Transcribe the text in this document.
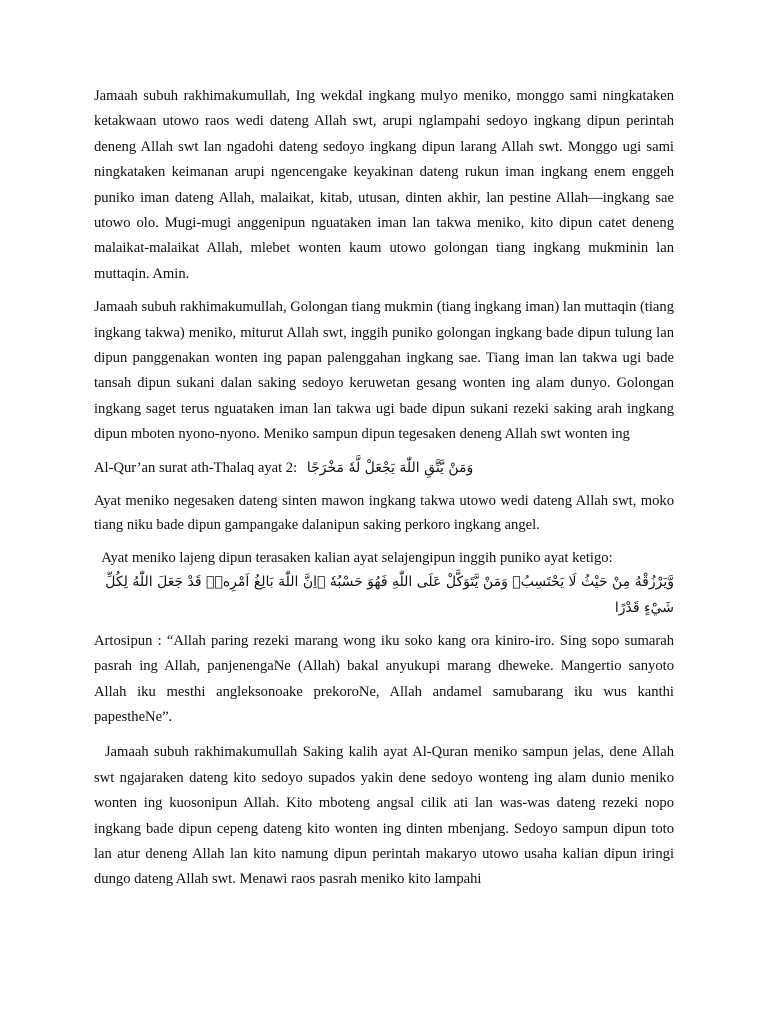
Jamaah subuh rakhimakumullah, Ing wekdal ingkang mulyo meniko, monggo sami ningkataken ketakwaan utowo raos wedi dateng Allah swt, arupi nglampahi sedoyo ingkang dipun perintah deneng Allah swt lan ngadohi dateng sedoyo ingkang dipun larang Allah swt. Monggo ugi sami ningkataken keimanan arupi ngencengake keyakinan dateng rukun iman ingkang enem enggeh puniko iman dateng Allah, malaikat, kitab, utusan, dinten akhir, lan pestine Allah—ingkang sae utowo olo. Mugi-mugi anggenipun nguataken iman lan takwa meniko, kito dipun catet deneng malaikat-malaikat Allah, mlebet wonten kaum utowo golongan tiang ingkang mukminin lan muttaqin. Amin.

Jamaah subuh rakhimakumullah, Golongan tiang mukmin (tiang ingkang iman) lan muttaqin (tiang ingkang takwa) meniko, miturut Allah swt, inggih puniko golongan ingkang bade dipun tulung lan dipun panggenakan wonten ing papan palenggahan ingkang sae. Tiang iman lan takwa ugi bade tansah dipun sukani dalan saking sedoyo keruwetan gesang wonten ing alam dunyo. Golongan ingkang saget terus nguataken iman lan takwa ugi bade dipun sukani rezeki saking arah ingkang dipun mboten nyono-nyono. Meniko sampun dipun tegesaken deneng Allah swt wonten ing

Al-Qur’an surat ath-Thalaq ayat 2: وَمَنْ يَّتَّقِ اللّٰهَ يَجْعَلْ لَّهٗ مَخْرَجًا

Ayat meniko negesaken dateng sinten mawon ingkang takwa utowo wedi dateng Allah swt, moko tiang niku bade dipun gampangake dalanipun saking perkoro ingkang angel.

Ayat meniko lajeng dipun terasaken kalian ayat selajengipun inggih puniko ayat ketigo:

وَّيَرْزُقْهُ مِنْ حَيْثُ لَا يَحْتَسِبُۗ وَمَنْ يَّتَوَكَّلْ عَلَى اللّٰهِ فَهُوَ حَسْبُهٗ ۗاِنَّ اللّٰهَ بَالِغُ اَمْرِهٖۗ قَدْ جَعَلَ اللّٰهُ لِكُلِّ شَيْءٍ قَدْرًا

Artosipun : “Allah paring rezeki marang wong iku soko kang ora kiniro-iro. Sing sopo sumarah pasrah ing Allah, panjenengaNe (Allah) bakal anyukupi marang dheweke. Mangertio sanyoto Allah iku mesthi angleksonoake prekoroNe, Allah andamel samubarang iku wus kanthi papestheNe”.

Jamaah subuh rakhimakumullah Saking kalih ayat Al-Quran meniko sampun jelas, dene Allah swt ngajaraken dateng kito sedoyo supados yakin dene sedoyo wonteng ing alam dunio meniko wonten ing kuosonipun Allah. Kito mboteng angsal cilik ati lan was-was dateng rezeki nopo ingkang bade dipun cepeng dateng kito wonten ing dinten mbenjang. Sedoyo sampun dipun toto lan atur deneng Allah lan kito namung dipun perintah makaryo utowo usaha kalian dipun iringi dungo dateng Allah swt. Menawi raos pasrah meniko kito lampahi
